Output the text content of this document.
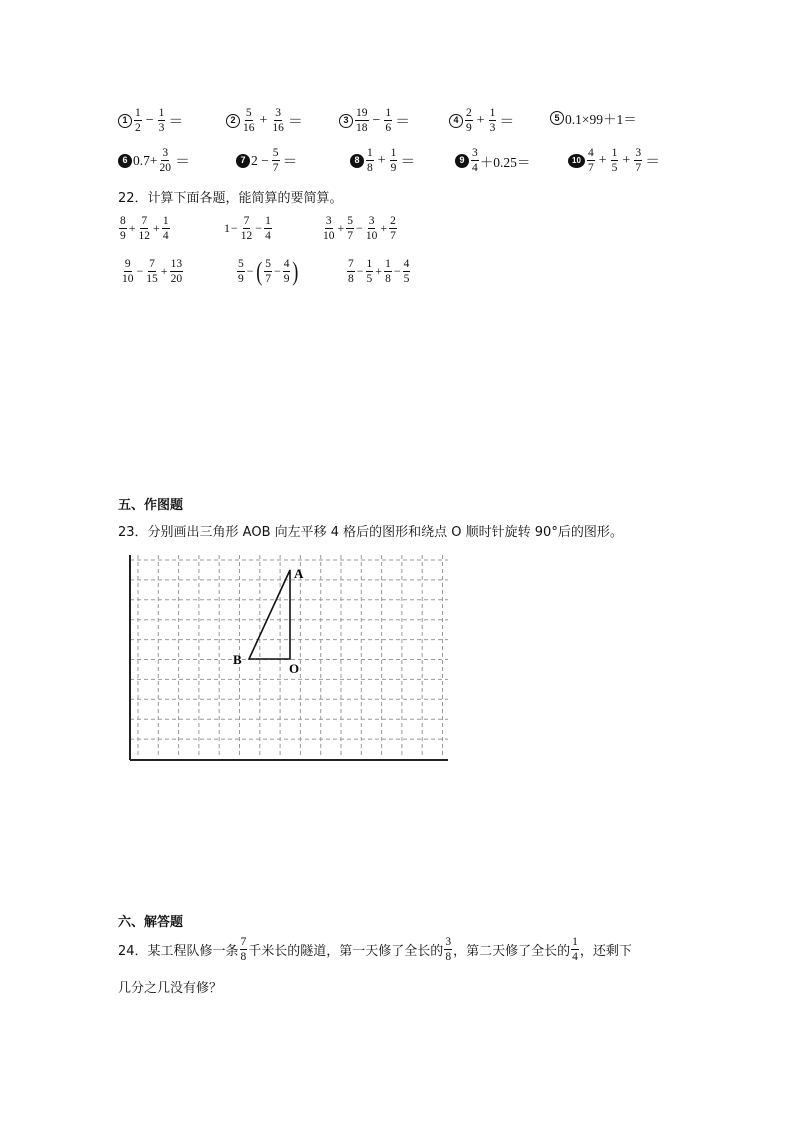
$1 \frac{1}{2} - \frac{1}{3}$ ＝	$2 \frac{5}{16} + \frac{3}{16}$ ＝	$3 \frac{19}{18} - \frac{1}{6}$ ＝	$4 \frac{2}{9} + \frac{1}{3}$ ＝	5 0.1×99＋1＝
6 $0.7+ \frac{3}{20}$ ＝	7 $2 - \frac{5}{7}$ ＝	$8 \frac{1}{8} + \frac{1}{9}$ ＝	$9 \frac{3}{4} +0.25=$	$10 \frac{4}{7} + \frac{1}{5} + \frac{3}{7}$ ＝
22．计算下面各题，能简算的要简算。
$\frac{8}{9} + \frac{7}{12} + \frac{1}{4}$	$1 - \frac{7}{12} - \frac{1}{4}$	$\frac{3}{10} + \frac{5}{7} - \frac{3}{10} + \frac{2}{7}$
$\frac{9}{10} - \frac{7}{15} + \frac{13}{20}$	$\frac{5}{9}$ − ( $\frac{5}{7} - \frac{4}{9}$ )	$\frac{7}{8} - \frac{1}{5} + \frac{1}{8} - \frac{4}{5}$
五、作图题
23．分别画出三角形 AOB 向左平移 4 格后的图形和绕点 O 顺时针旋转 90°后的图形。
A
B
O
六、解答题
24．某工程队修一条 $\frac{7}{8}$ 千米长的隧道，第一天修了全长的 $\frac{3}{8}$ ，第二天修了全长的 $\frac{1}{4}$ ，还剩下
几分之几没有修？
